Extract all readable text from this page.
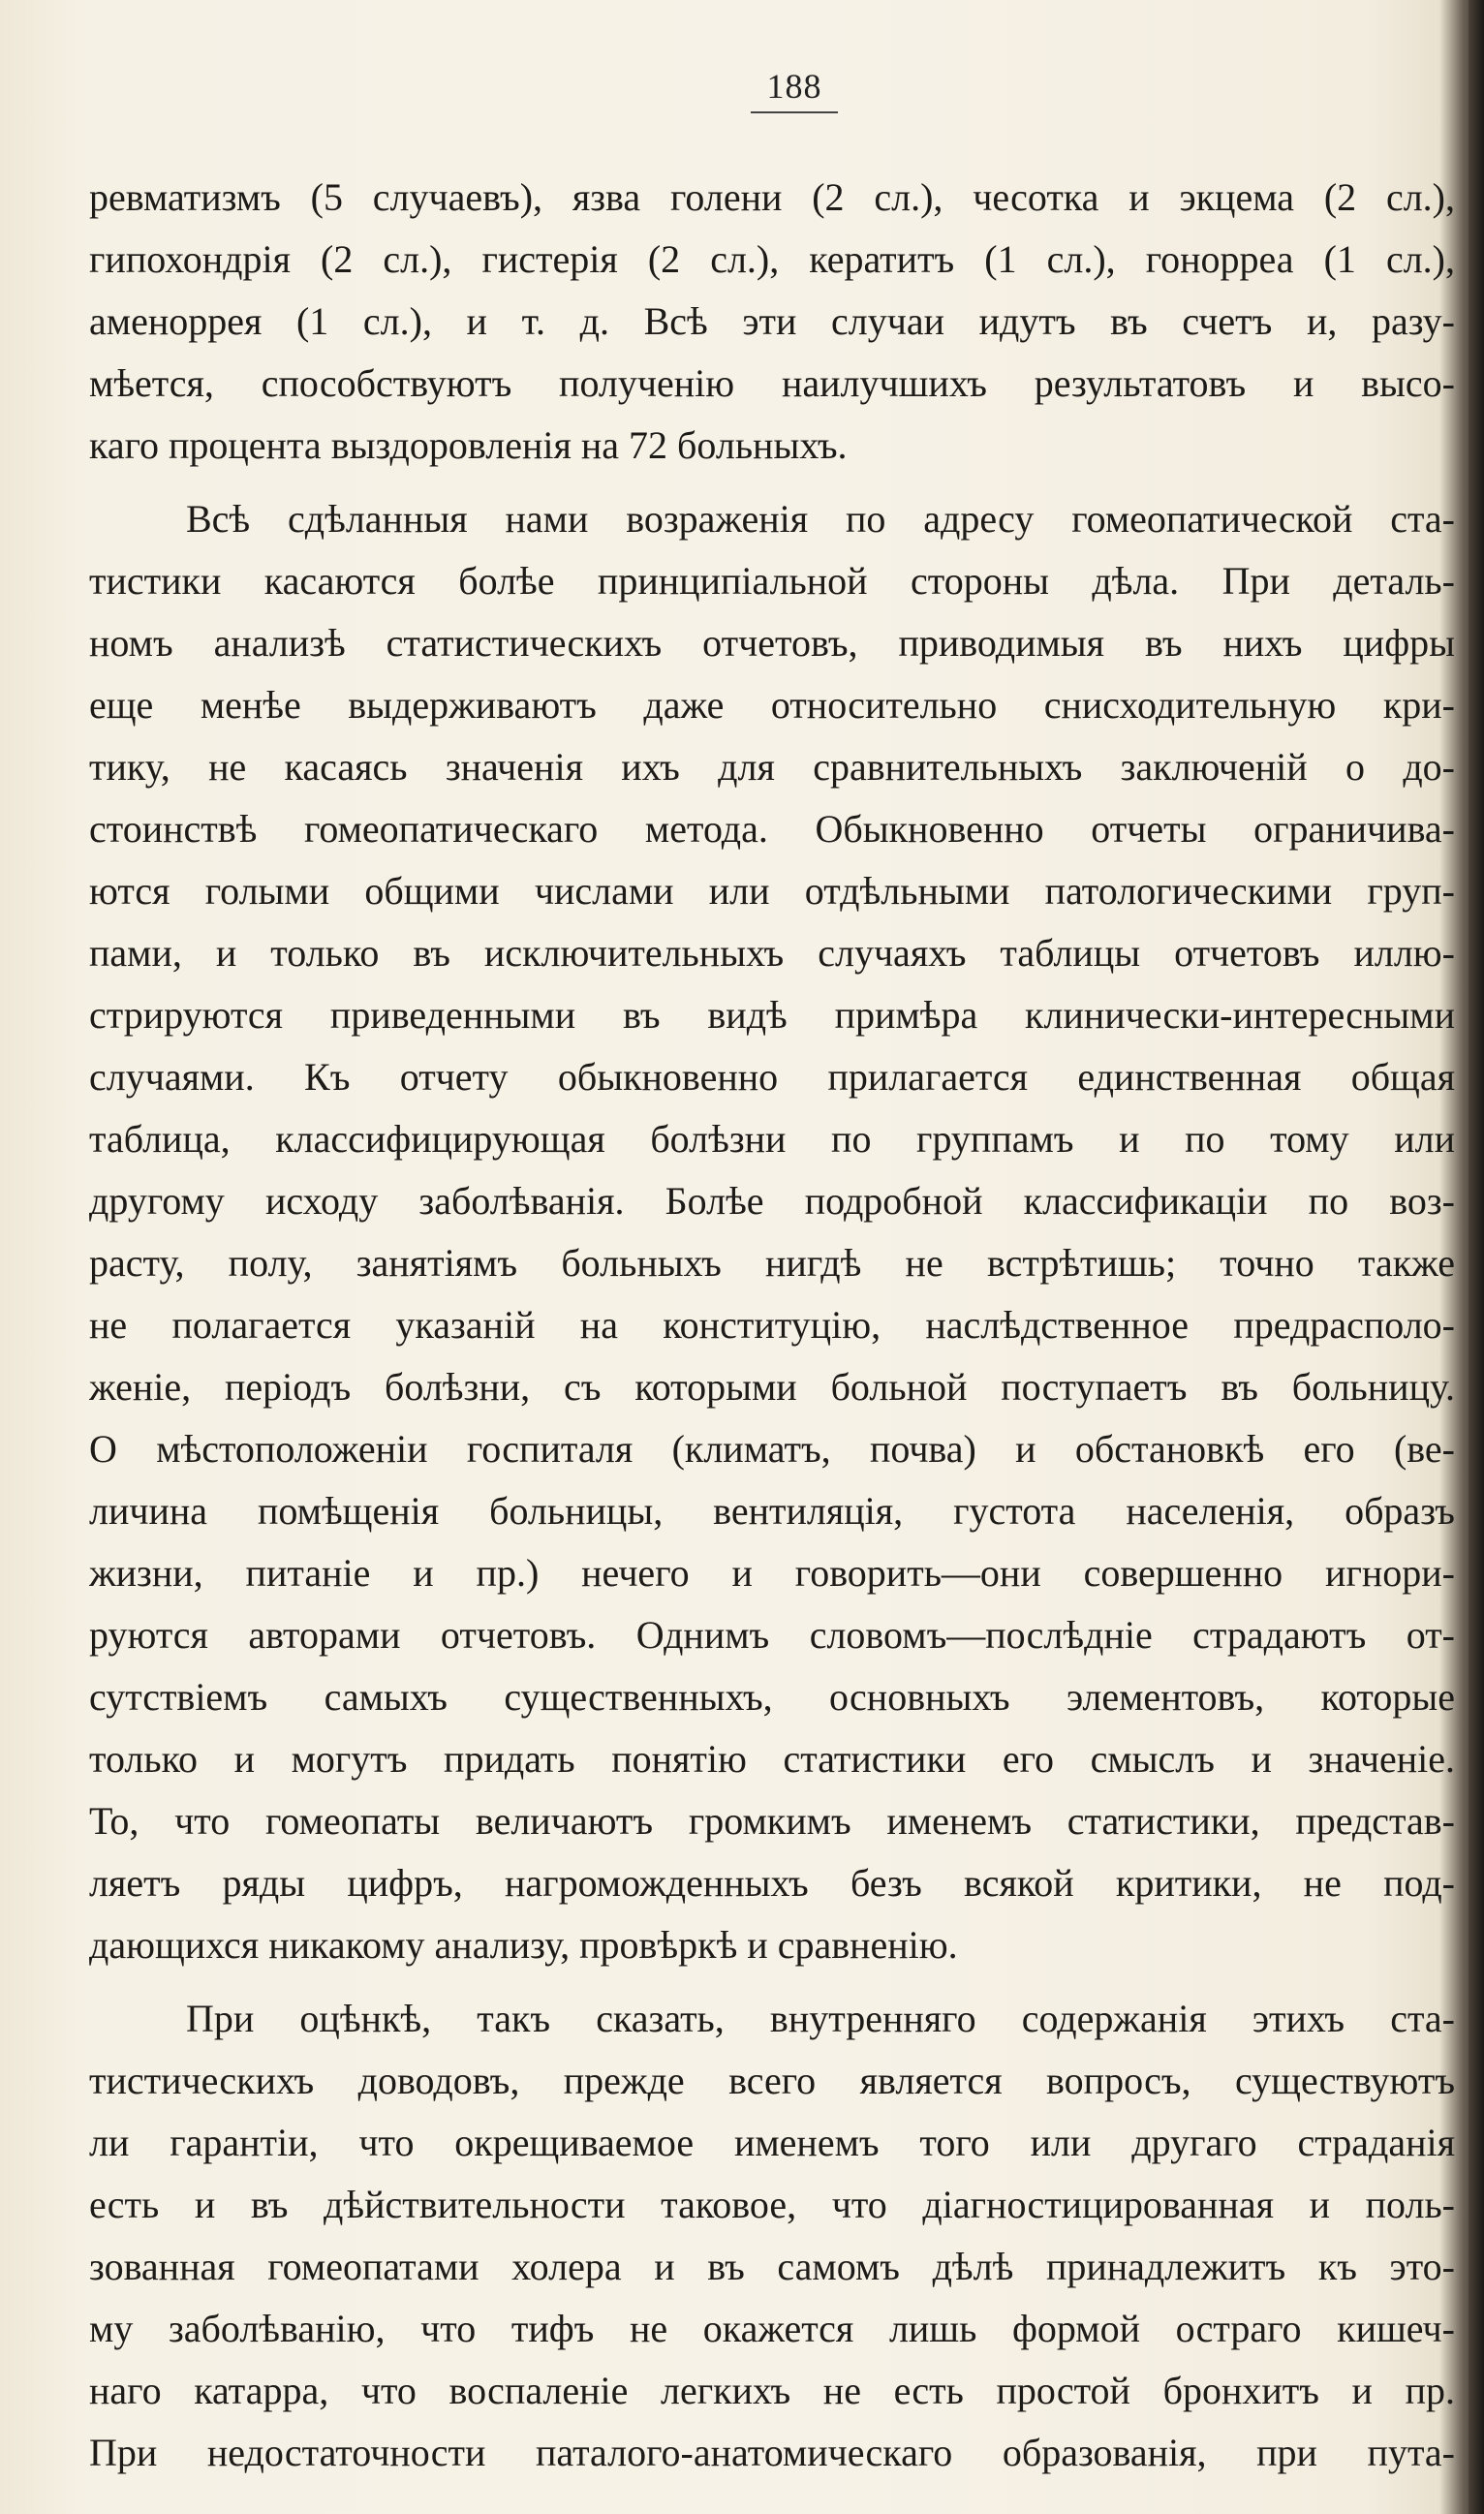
188
ревматизмъ (5 случаевъ), язва голени (2 сл.), чесотка и экцема (2 сл.),
гипохондрія (2 сл.), гистерія (2 сл.), кератитъ (1 сл.), гонорреа (1 сл.),
аменоррея (1 сл.), и т. д. Всѣ эти случаи идутъ въ счетъ и, разу-
мѣется, способствуютъ полученію наилучшихъ результатовъ и высо-
каго процента выздоровленія на 72 больныхъ.
Всѣ сдѣланныя нами возраженія по адресу гомеопатической ста-
тистики касаются болѣе принципіальной стороны дѣла. При деталь-
номъ анализѣ статистическихъ отчетовъ, приводимыя въ нихъ цифры
еще менѣе выдерживаютъ даже относительно снисходительную кри-
тику, не касаясь значенія ихъ для сравнительныхъ заключеній о до-
стоинствѣ гомеопатическаго метода. Обыкновенно отчеты ограничива-
ются голыми общими числами или отдѣльными патологическими груп-
пами, и только въ исключительныхъ случаяхъ таблицы отчетовъ иллю-
стрируются приведенными въ видѣ примѣра клинически-интересными
случаями. Къ отчету обыкновенно прилагается единственная общая
таблица, классифицирующая болѣзни по группамъ и по тому или
другому исходу заболѣванія. Болѣе подробной классификаціи по воз-
расту, полу, занятіямъ больныхъ нигдѣ не встрѣтишь; точно также
не полагается указаній на конституцію, наслѣдственное предрасполо-
женіе, періодъ болѣзни, съ которыми больной поступаетъ въ больницу.
О мѣстоположеніи госпиталя (климатъ, почва) и обстановкѣ его (ве-
личина помѣщенія больницы, вентиляція, густота населенія, образъ
жизни, питаніе и пр.) нечего и говорить—они совершенно игнори-
руются авторами отчетовъ. Однимъ словомъ—послѣдніе страдаютъ от-
сутствіемъ самыхъ существенныхъ, основныхъ элементовъ, которые
только и могутъ придать понятію статистики его смыслъ и значеніе.
То, что гомеопаты величаютъ громкимъ именемъ статистики, представ-
ляетъ ряды цифръ, нагроможденныхъ безъ всякой критики, не под-
дающихся никакому анализу, провѣркѣ и сравненію.
При оцѣнкѣ, такъ сказать, внутренняго содержанія этихъ ста-
тистическихъ доводовъ, прежде всего является вопросъ, существуютъ
ли гарантіи, что окрещиваемое именемъ того или другаго страданія
есть и въ дѣйствительности таковое, что діагностицированная и поль-
зованная гомеопатами холера и въ самомъ дѣлѣ принадлежитъ къ это-
му заболѣванію, что тифъ не окажется лишь формой остраго кишеч-
наго катарра, что воспаленіе легкихъ не есть простой бронхитъ и пр.
При недостаточности паталого-анатомическаго образованія, при пута-
